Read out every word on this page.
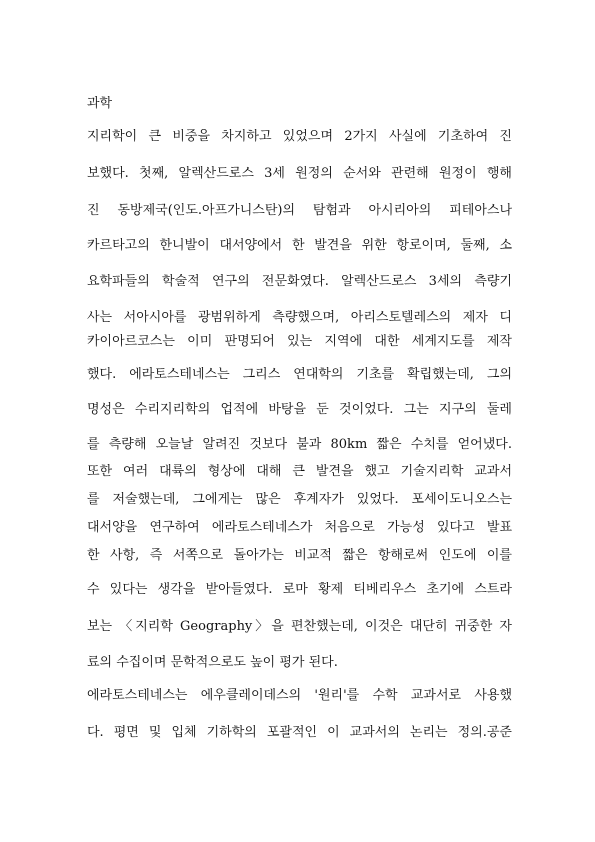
과학
지리학이 큰 비중을 차지하고 있었으며 2가지 사실에 기초하여 진
보했다. 첫째, 알렉산드로스 3세 원정의 순서와 관련해 원정이 행해
진 동방제국(인도.아프가니스탄)의 탐험과 아시리아의 피테아스나
카르타고의 한니발이 대서양에서 한 발견을 위한 항로이며, 둘째, 소
요학파들의 학술적 연구의 전문화였다. 알렉산드로스 3세의 측량기
사는 서아시아를 광범위하게 측량했으며, 아리스토텔레스의 제자 디
카이아르코스는 이미 판명되어 있는 지역에 대한 세계지도를 제작
했다. 에라토스테네스는 그리스 연대학의 기초를 확립했는데, 그의
명성은 수리지리학의 업적에 바탕을 둔 것이었다. 그는 지구의 둘레
를 측량해 오늘날 알려진 것보다 불과 80km 짧은 수치를 얻어냈다.
또한 여러 대륙의 형상에 대해 큰 발견을 했고 기술지리학 교과서
를 저술했는데, 그에게는 많은 후계자가 있었다. 포세이도니오스는
대서양을 연구하여 에라토스테네스가 처음으로 가능성 있다고 발표
한 사항, 즉 서쪽으로 돌아가는 비교적 짧은 항해로써 인도에 이를
수 있다는 생각을 받아들였다. 로마 황제 티베리우스 초기에 스트라
보는 〈지리학 Geography〉을 편찬했는데, 이것은 대단히 귀중한 자
료의 수집이며 문학적으로도 높이 평가 된다.
에라토스테네스는 에우클레이데스의 '원리'를 수학 교과서로 사용했
다. 평면 및 입체 기하학의 포괄적인 이 교과서의 논리는 정의.공준
